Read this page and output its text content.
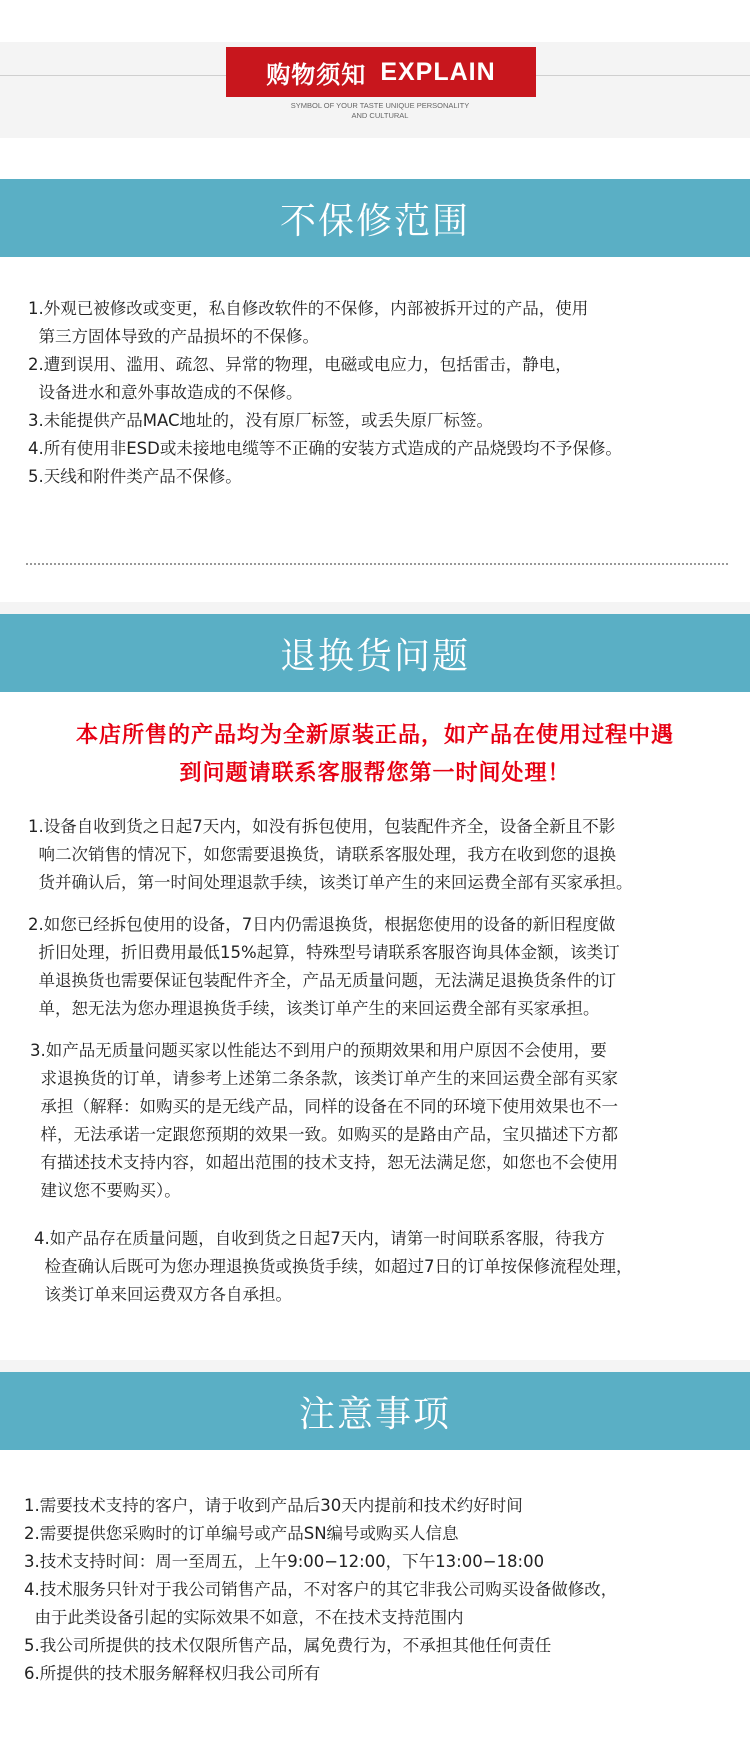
购物须知 EXPLAIN
SYMBOL OF YOUR TASTE UNIQUE PERSONALITY
AND CULTURAL
不保修范围
1.外观已被修改或变更，私自修改软件的不保修，内部被拆开过的产品，使用
第三方固体导致的产品损坏的不保修。
2.遭到误用、滥用、疏忽、异常的物理，电磁或电应力，包括雷击，静电，
设备进水和意外事故造成的不保修。
3.未能提供产品MAC地址的，没有原厂标签，或丢失原厂标签。
4.所有使用非ESD或未接地电缆等不正确的安装方式造成的产品烧毁均不予保修。
5.天线和附件类产品不保修。
退换货问题
本店所售的产品均为全新原装正品，如产品在使用过程中遇
到问题请联系客服帮您第一时间处理！
1.设备自收到货之日起7天内，如没有拆包使用，包装配件齐全，设备全新且不影
响二次销售的情况下，如您需要退换货，请联系客服处理，我方在收到您的退换
货并确认后，第一时间处理退款手续，该类订单产生的来回运费全部有买家承担。
2.如您已经拆包使用的设备，7日内仍需退换货，根据您使用的设备的新旧程度做
折旧处理，折旧费用最低15%起算，特殊型号请联系客服咨询具体金额，该类订
单退换货也需要保证包装配件齐全，产品无质量问题，无法满足退换货条件的订
单，恕无法为您办理退换货手续，该类订单产生的来回运费全部有买家承担。
3.如产品无质量问题买家以性能达不到用户的预期效果和用户原因不会使用，要
求退换货的订单，请参考上述第二条条款，该类订单产生的来回运费全部有买家
承担（解释：如购买的是无线产品，同样的设备在不同的环境下使用效果也不一
样，无法承诺一定跟您预期的效果一致。如购买的是路由产品，宝贝描述下方都
有描述技术支持内容，如超出范围的技术支持，恕无法满足您，如您也不会使用
建议您不要购买）。
4.如产品存在质量问题，自收到货之日起7天内，请第一时间联系客服，待我方
检查确认后既可为您办理退换货或换货手续，如超过7日的订单按保修流程处理，
该类订单来回运费双方各自承担。
注意事项
1.需要技术支持的客户，请于收到产品后30天内提前和技术约好时间
2.需要提供您采购时的订单编号或产品SN编号或购买人信息
3.技术支持时间：周一至周五，上午9:00−12:00，下午13:00−18:00
4.技术服务只针对于我公司销售产品，不对客户的其它非我公司购买设备做修改，
由于此类设备引起的实际效果不如意，不在技术支持范围内
5.我公司所提供的技术仅限所售产品，属免费行为，不承担其他任何责任
6.所提供的技术服务解释权归我公司所有
